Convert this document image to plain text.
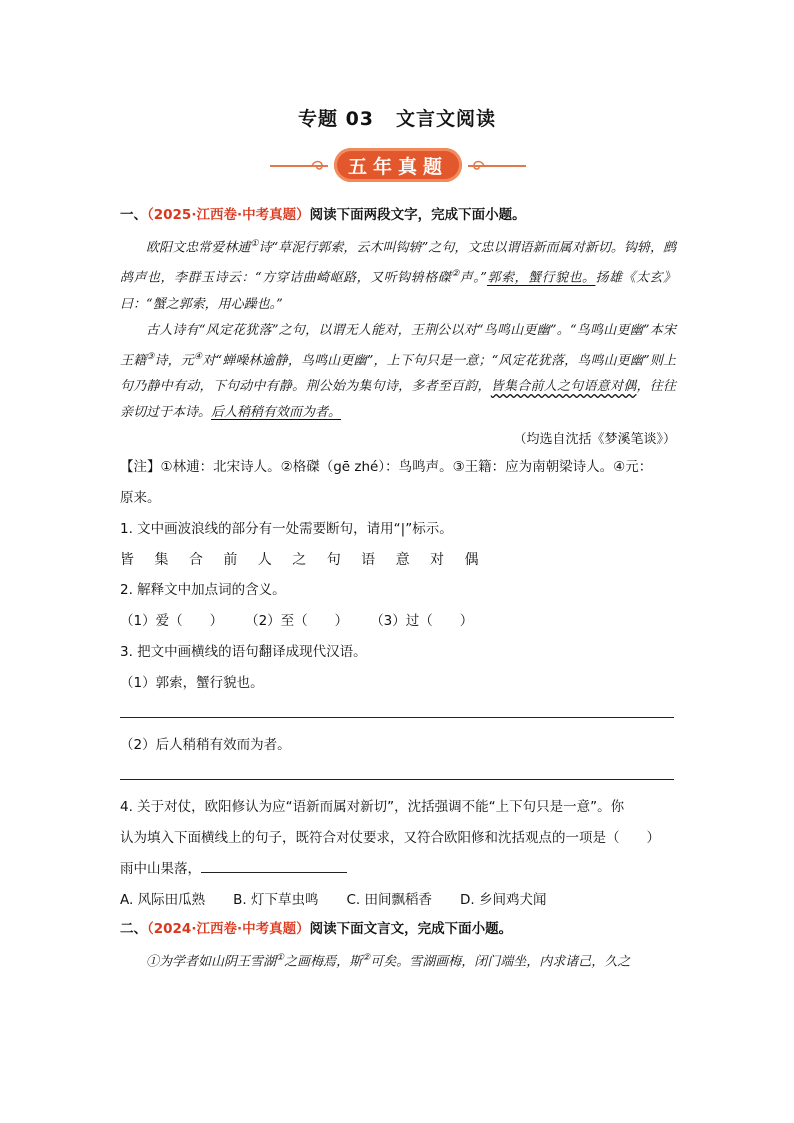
专题 03 文言文阅读
五年真题
一、（2025·江西卷·中考真题）阅读下面两段文字，完成下面小题。

欧阳文忠常爱林逋①诗“草泥行郭索，云木叫钩辀”之句，文忠以谓语新而属对新切。钩辀，鹧鸪声也，李群玉诗云：“方穿诘曲崎岖路，又听钩辀格磔②声。”郭索，蟹行貌也。扬雄《太玄》曰：“蟹之郭索，用心躁也。”

古人诗有“风定花犹落”之句，以谓无人能对，王荆公以对“鸟鸣山更幽”。“鸟鸣山更幽”本宋王籍③诗，元④对“蝉噪林逾静，鸟鸣山更幽”，上下句只是一意；“风定花犹落，鸟鸣山更幽”则上句乃静中有动，下句动中有静。荆公始为集句诗，多者至百韵，皆集合前人之句语意对偶，往往亲切过于本诗。后人稍稍有效而为者。

（均选自沈括《梦溪笔谈》）

【注】①林逋：北宋诗人。②格磔（gē zhé）：鸟鸣声。③王籍：应为南朝梁诗人。④元：
原来。

1. 文中画波浪线的部分有一处需要断句，请用“|”标示。

皆 集 合 前 人 之 句 语 意 对 偶

2. 解释文中加点词的含义。

（1）爱（　　） （2）至（　　） （3）过（　　）

3. 把文中画横线的语句翻译成现代汉语。

（1）郭索，蟹行貌也。

（2）后人稍稍有效而为者。

4. 关于对仗，欧阳修认为应“语新而属对新切”，沈括强调不能“上下句只是一意”。你
认为填入下面横线上的句子，既符合对仗要求，又符合欧阳修和沈括观点的一项是（　　）
雨中山果落，

A. 风际田瓜熟 B. 灯下草虫鸣 C. 田间飘稻香 D. 乡间鸡犬闻
二、（2024·江西卷·中考真题）阅读下面文言文，完成下面小题。

①为学者如山阴王雪湖①之画梅焉，斯②可矣。雪湖画梅，闭门端坐，内求诸己，久之
